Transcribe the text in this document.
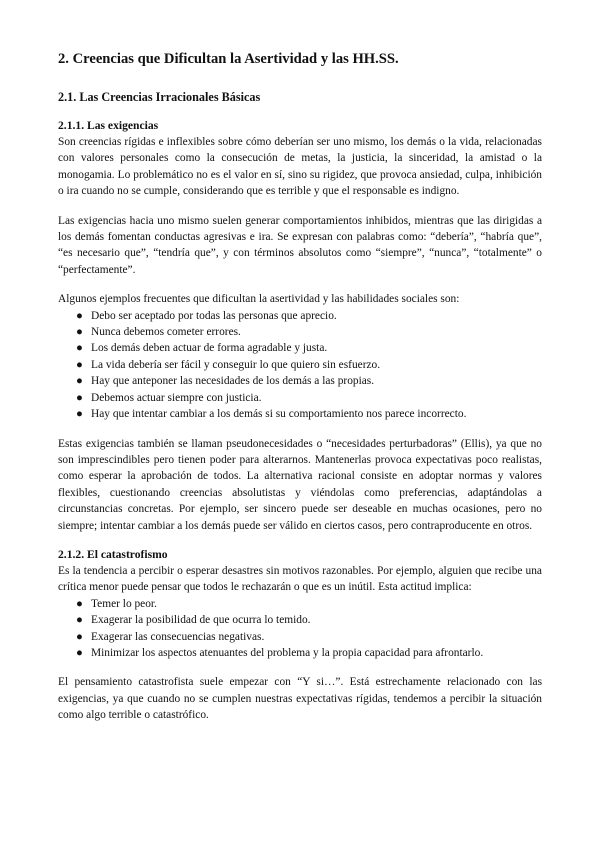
2. Creencias que Dificultan la Asertividad y las HH.SS.
2.1. Las Creencias Irracionales Básicas
2.1.1. Las exigencias

Son creencias rígidas e inflexibles sobre cómo deberían ser uno mismo, los demás o la vida, relacionadas con valores personales como la consecución de metas, la justicia, la sinceridad, la amistad o la monogamia. Lo problemático no es el valor en sí, sino su rigidez, que provoca ansiedad, culpa, inhibición o ira cuando no se cumple, considerando que es terrible y que el responsable es indigno.

Las exigencias hacia uno mismo suelen generar comportamientos inhibidos, mientras que las dirigidas a los demás fomentan conductas agresivas e ira. Se expresan con palabras como: “debería”, “habría que”, “es necesario que”, “tendría que”, y con términos absolutos como “siempre”, “nunca”, “totalmente” o “perfectamente”.

Algunos ejemplos frecuentes que dificultan la asertividad y las habilidades sociales son:

● Debo ser aceptado por todas las personas que aprecio.
● Nunca debemos cometer errores.
● Los demás deben actuar de forma agradable y justa.
● La vida debería ser fácil y conseguir lo que quiero sin esfuerzo.
● Hay que anteponer las necesidades de los demás a las propias.
● Debemos actuar siempre con justicia.
● Hay que intentar cambiar a los demás si su comportamiento nos parece incorrecto.

Estas exigencias también se llaman pseudonecesidades o “necesidades perturbadoras” (Ellis), ya que no son imprescindibles pero tienen poder para alterarnos. Mantenerlas provoca expectativas poco realistas, como esperar la aprobación de todos. La alternativa racional consiste en adoptar normas y valores flexibles, cuestionando creencias absolutistas y viéndolas como preferencias, adaptándolas a circunstancias concretas. Por ejemplo, ser sincero puede ser deseable en muchas ocasiones, pero no siempre; intentar cambiar a los demás puede ser válido en ciertos casos, pero contraproducente en otros.

2.1.2. El catastrofismo

Es la tendencia a percibir o esperar desastres sin motivos razonables. Por ejemplo, alguien que recibe una crítica menor puede pensar que todos le rechazarán o que es un inútil. Esta actitud implica:

● Temer lo peor.
● Exagerar la posibilidad de que ocurra lo temido.
● Exagerar las consecuencias negativas.
● Minimizar los aspectos atenuantes del problema y la propia capacidad para afrontarlo.

El pensamiento catastrofista suele empezar con “Y si…”. Está estrechamente relacionado con las exigencias, ya que cuando no se cumplen nuestras expectativas rígidas, tendemos a percibir la situación como algo terrible o catastrófico.
